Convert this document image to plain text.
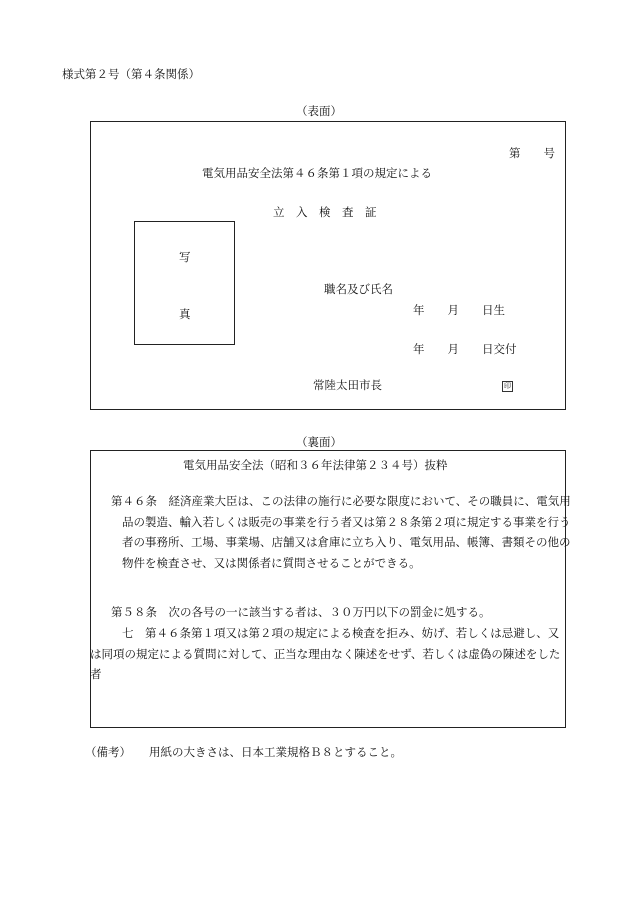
様式第２号（第４条関係）
（表面）
第　　号
電気用品安全法第４６条第１項の規定による
立　入　検　査　証
写
真
職名及び氏名
年　　月　　日生
年　　月　　日交付
常陸太田市長	印
（裏面）
電気用品安全法（昭和３６年法律第２３４号）抜粋
第４６条　経済産業大臣は、この法律の施行に必要な限度において、その職員に、電気用品の製造、輸入若しくは販売の事業を行う者又は第２８条第２項に規定する事業を行う者の事務所、工場、事業場、店舗又は倉庫に立ち入り、電気用品、帳簿、書類その他の物件を検査させ、又は関係者に質問させることができる。
第５８条　次の各号の一に該当する者は、３０万円以下の罰金に処する。
七　第４６条第１項又は第２項の規定による検査を拒み、妨げ、若しくは忌避し、又は同項の規定による質問に対して、正当な理由なく陳述をせず、若しくは虚偽の陳述をした者
（備考） 用紙の大きさは、日本工業規格Ｂ８とすること。
